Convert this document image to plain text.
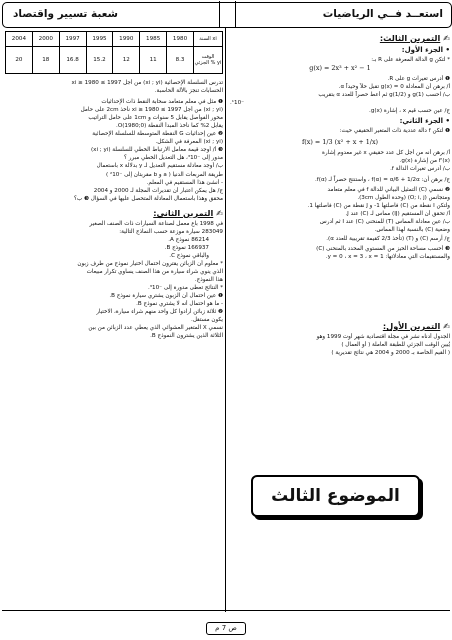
استعــد فــي الرياضيات
شعبة تسيير واقتصاد
✍ التمرين الثالث:
• الجزء الأول:
* لتكن g الدالة المعرفة على R بـ:
g(x) = 2x³ + x² − 1
❶ أدرس تغيرات g على R.
أ/ برهن أن المعادلة 0 = g(x) تقبل حلاً وحيداً α.
ب/ احسب g(1) و g(1/2) ثم أعط حصراً للعدد α بتقريب
⁻¹10.
ج/ عين حسب قيم x ، إشارة g(x).
• الجزء الثاني:
❶ لتكن f دالة عددية ذات المتغير الحقيقي حيث:
f(x) = 1/3 (x² + x + 1/x)
أ/ برهن أنه من أجل كل عدد حقيقي x غير معدوم إشارة
f'(x) من إشارة g(x).
ب/ أدرس تغيرات الدالة f.
ج/ برهن أن: f(α) = α/6 + 1/2α ، واستنتج حصراً لـ f(α).
❷ نسمي (C) التمثيل البياني للدالة f في معلم متعامد
ومتجانس (O; i, j) (وحدة الطول 3cm).
ولتكن I نقطة من (C) فاصلتها 1- و J نقطة من (C) فاصلتها 1.
أ/ تحقق أن المستقيم (IJ) مماس لـ (C) عند J.
ب/ عين معادلة المماس (T) للمنحنى (C) عند I ثم أدرس
وضعية (C) بالنسبة لهذا المماس.
ج/ أرسم (C) و (T) (تأخذ 2/3 كقيمة تقريبية للعدد α).
❸ أحسب مساحة الحيز من المستوي المحدد بالمنحنى (C)
والمستقيمات التي معادلاتها: y = 0 ، x = 3 ، x = 1.
✍ التمرين الأول:
الجدول أدناه نشر في مجلة اقتصادية شهر أوت 1999 وهو
يُبين الوقت الجزئي للطبقة العاملة ( أو العمال )
( القيم الخاصة بـ 2000 و 2004 هي نتائج تقديرية )
الموضوع الثالث
2004	2000	1997	1995	1990	1985	1980	السنة xi
20	18	16.8	15.2	12	11	8.3	الوقت الجزئي % yi
تدرس السلسلة الإحصائية (xi ; yi) من أجل 1997 ≥ xi ≥ 1980
الحسابات تنجز بالألة الحاسبة.
❶ مثل في معلم متعامد سحابة النقط ذات الإحداثيات
(xi ; yi) من أجل 1997 ≥ xi ≥ 1980 نأخذ 2cm على حامل
محور الفواصل يقابل 5 سنوات و 1cm على حامل التراتيب
يقابل 2% كما نأخذ المبدأ النقطة O(1980;0).
❷ عين إحداثيات G النقطة المتوسطة للسلسلة الإحصائية
(xi ; yi) المعرفة في الشكل.
❸ أ/ أوجد قيمة معامل الارتباط الخطي للسلسلة (xi ; yi)
مدور إلى ⁻³10، هل التعديل الخطي مبرر ؟
ب/ أوجد معادلة مستقيم التعديل لـ y بدلالة x باستعمال
طريقة المربعات الدنيا ( a و b مقربتان إلى ⁻²10 )
- أنشئ هذا المستقيم في المعلم.
ج/ هل يمكن اعتبار أن تقديرات المجلة لـ 2000 و 2004
محقق وهذا باستعمال المعادلة المتحصل عليها في السؤال ❸ ب؟
✍ التمرين الثاني:
في 1998 باع معمل لصناعة السيارات ذات الصنف الصغير
283049 سيارة موزعة حسب النماذج التالية:
86214 نموذج A.
166937 نموذج B.
والباقي نموذج C.
* معلوم أن الزبائن يقترون احتمال اختيار نموذج من طرف زبون
الذي ينوي شراء سيارة من هذا الصنف يساوي تكرار مبيعات
هذا النموذج.
* النتائج تعطى مدورة إلى ⁻³10.
❶ عين احتمال أن الزبون يشتري سيارة نموذج B.
- ما هو احتمال أنه لا يشتري نموذج B.
❷ ثلاثة زبائن أرادوا كل واحد منهم شراء سيارة، الاختيار
يكون مستقل.
نسمي X المتغير العشوائي الذي يعطي عدد الزبائن من بين
الثلاثة الذين يشترون النموذج B.
ص 7 م
